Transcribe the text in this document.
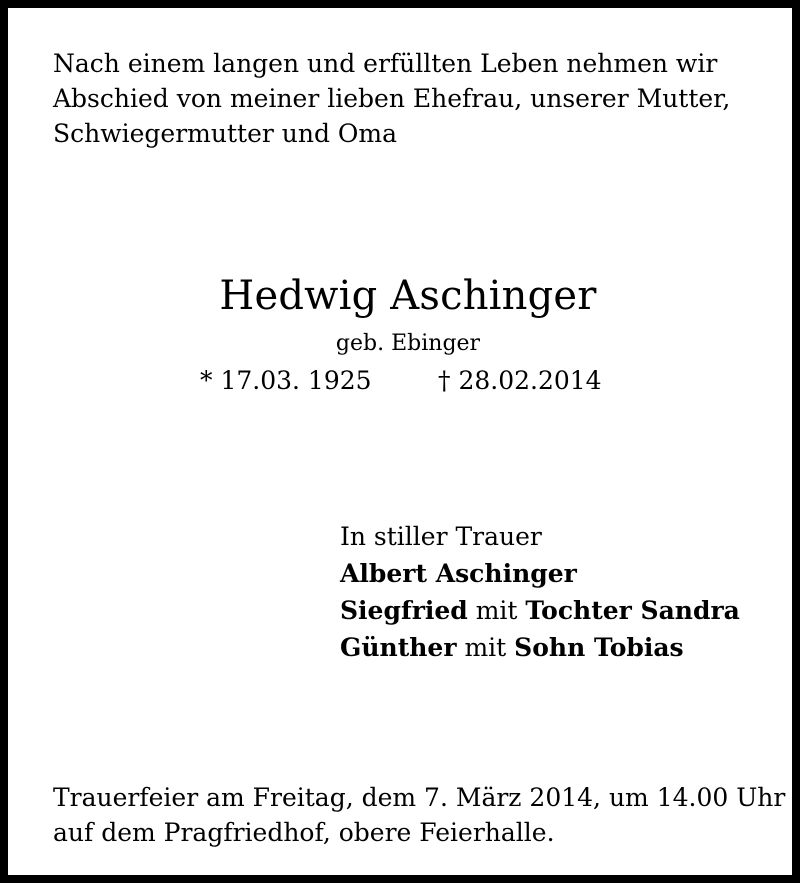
Nach einem langen und erfüllten Leben nehmen wir
Abschied von meiner lieben Ehefrau, unserer Mutter,
Schwiegermutter und Oma
Hedwig Aschinger
geb. Ebinger
* 17.03. 1925	† 28.02.2014
In stiller Trauer
Albert Aschinger
Siegfried mit Tochter Sandra
Günther mit Sohn Tobias
Trauerfeier am Freitag, dem 7. März 2014, um 14.00 Uhr
auf dem Pragfriedhof, obere Feierhalle.
